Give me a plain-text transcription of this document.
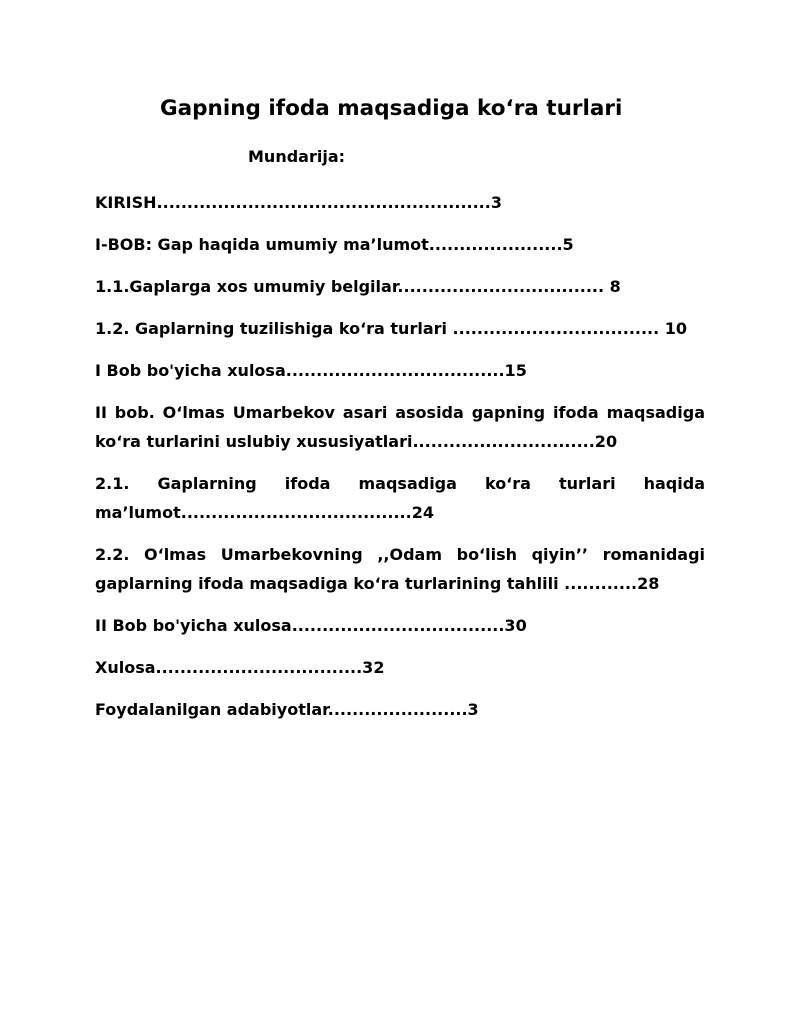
Gapning ifoda maqsadiga koʻra turlari
Mundarija:
KIRISH.......................................................3
I-BOB: Gap haqida umumiy maʼlumot......................5
1.1.Gaplarga xos umumiy belgilar.................................. 8
1.2. Gaplarning tuzilishiga koʻra turlari .................................. 10
I Bob bo'yicha xulosa....................................15
II bob. Oʻlmas Umarbekov asari asosida gapning ifoda maqsadiga koʻra turlarini uslubiy xususiyatlari..............................20
2.1. Gaplarning ifoda maqsadiga koʻra turlari haqida maʼlumot......................................24
2.2. Oʻlmas Umarbekovning ,,Odam boʻlish qiyin’’ romanidagi gaplarning ifoda maqsadiga koʻra turlarining tahlili ............28
II Bob bo'yicha xulosa...................................30
Xulosa..................................32
Foydalanilgan adabiyotlar.......................3
